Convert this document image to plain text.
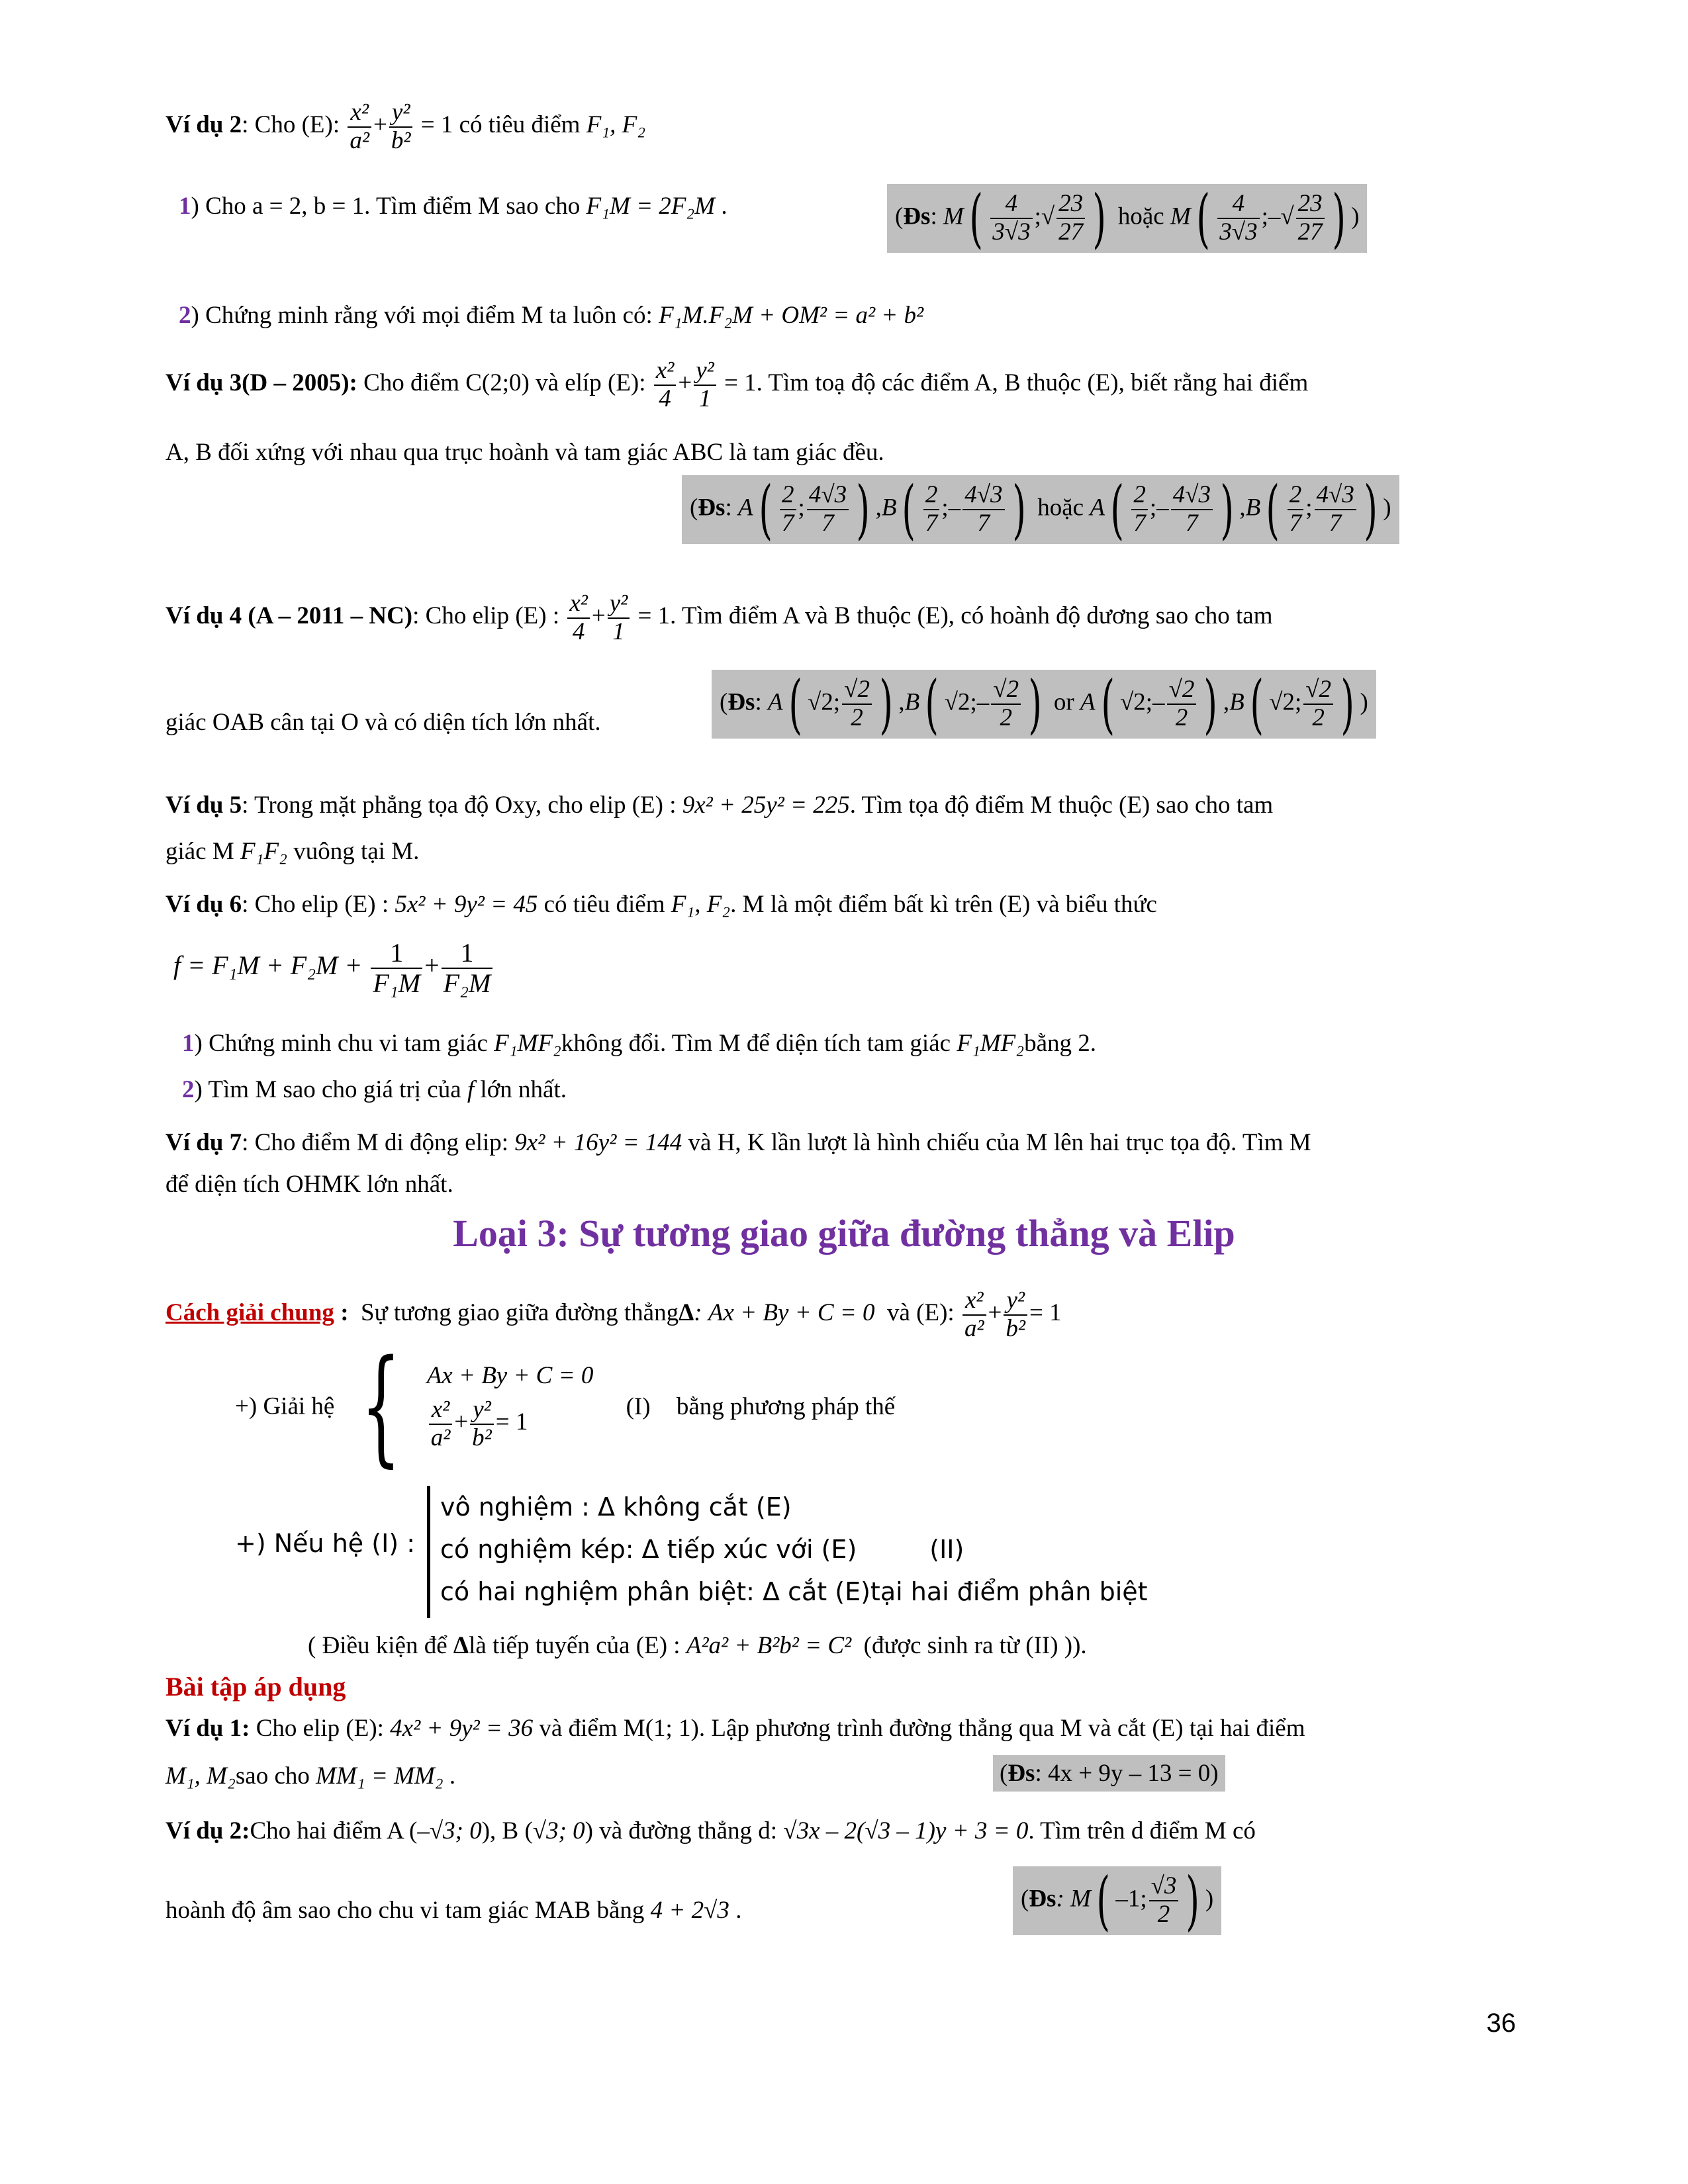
Ví dụ 2: Cho (E): $\frac{\text{x²}}{\text{a²}} + \frac{\text{y²}}{\text{b²}} = 1$ có tiêu điểm F₁, F₂
1) Cho a = 2, b = 1. Tìm điểm M sao cho F₁M = 2F₂M .	(Đs: $M( \frac{4}{3√3}$ ;√ $\frac{23}{27}$ ) hoặc $M( \frac{4}{3√3}$ ;–√ $\frac{23}{27}$ ) )
2) Chứng minh rằng với mọi điểm M ta luôn có: F₁M.F₂M + OM² = a² + b²
Ví dụ 3(D – 2005): Cho điểm C(2;0) và elíp (E): $\frac{\text{x²}}{4} + \frac{\text{y²}}{1} = 1$. Tìm toạ độ các điểm A, B thuộc (E), biết rằng hai điểm
A, B đối xứng với nhau qua trục hoành và tam giác ABC là tam giác đều.
(Đs: $A( \frac{2}{7}$ ; $\frac{4√3}{7}$ ) $,B( \frac{2}{7}$ ;– $\frac{4√3}{7}$ ) hoặc $A( \frac{2}{7}$ ;– $\frac{4√3}{7}$ ) $,B( \frac{2}{7}$ ; $\frac{4√3}{7}$ ) )
Ví dụ 4 (A – 2011 – NC): Cho elip (E) : $\frac{\text{x²}}{4} + \frac{\text{y²}}{1} = 1$. Tìm điểm A và B thuộc (E), có hoành độ dương sao cho tam
giác OAB cân tại O và có diện tích lớn nhất.
(Đs: A( √2; $\frac{√2}{2}$ ) ,B( √2;– $\frac{√2}{2}$ ) or A( √2;– $\frac{√2}{2}$ ) ,B( √2; $\frac{√2}{2}$ ) )
Ví dụ 5: Trong mặt phẳng tọa độ Oxy, cho elip (E) : 9x² + 25y² = 225. Tìm tọa độ điểm M thuộc (E) sao cho tam
giác M F₁F₂ vuông tại M.
Ví dụ 6: Cho elip (E) : 5x² + 9y² = 45 có tiêu điểm F₁, F₂. M là một điểm bất kì trên (E) và biểu thức
$f = F_1M + F_2M + \frac{1}{\text{F₁M}} + \frac{1}{\text{F₂M}}$
1) Chứng minh chu vi tam giác F₁MF₂không đổi. Tìm M để diện tích tam giác F₁MF₂bằng 2.
2) Tìm M sao cho giá trị của f lớn nhất.
Ví dụ 7: Cho điểm M di động elip: 9x² + 16y² = 144 và H, K lần lượt là hình chiếu của M lên hai trục tọa độ. Tìm M
để diện tích OHMK lớn nhất.
Loại 3: Sự tương giao giữa đường thẳng và Elip
Cách giải chung : Sự tương giao giữa đường thẳngΔ: Ax + By + C = 0 và (E): $\frac{\text{x²}}{\text{a²}} + \frac{\text{y²}}{\text{b²}} = 1$
+) Giải hệ { Ax + By + C = 0
$\frac{\text{x²}}{\text{a²}} + \frac{\text{y²}}{\text{b²}} = 1$
(I) bằng phương pháp thế
+) Nếu hệ (I) :
vô nghiệm : Δ không cắt (E)
có nghiệm kép: Δ tiếp xúc với (E)	(II)
có hai nghiệm phân biệt: Δ cắt (E)tại hai điểm phân biệt
( Điều kiện để Δlà tiếp tuyến của (E) : A²a² + B²b² = C² (được sinh ra từ (II) )).
Bài tập áp dụng
Ví dụ 1: Cho elip (E): 4x² + 9y² = 36 và điểm M(1; 1). Lập phương trình đường thẳng qua M và cắt (E) tại hai điểm
M₁, M₂sao cho MM₁ = MM₂ .	(Đs: 4x + 9y – 13 = 0)
Ví dụ 2:Cho hai điểm A (–√3; 0), B (√3; 0) và đường thẳng d: √3x – 2(√3 – 1)y + 3 = 0. Tìm trên d điểm M có
hoành độ âm sao cho chu vi tam giác MAB bằng 4 + 2√3 .	(Đs: M( –1; $\frac{√3}{2}$ ) )
36
